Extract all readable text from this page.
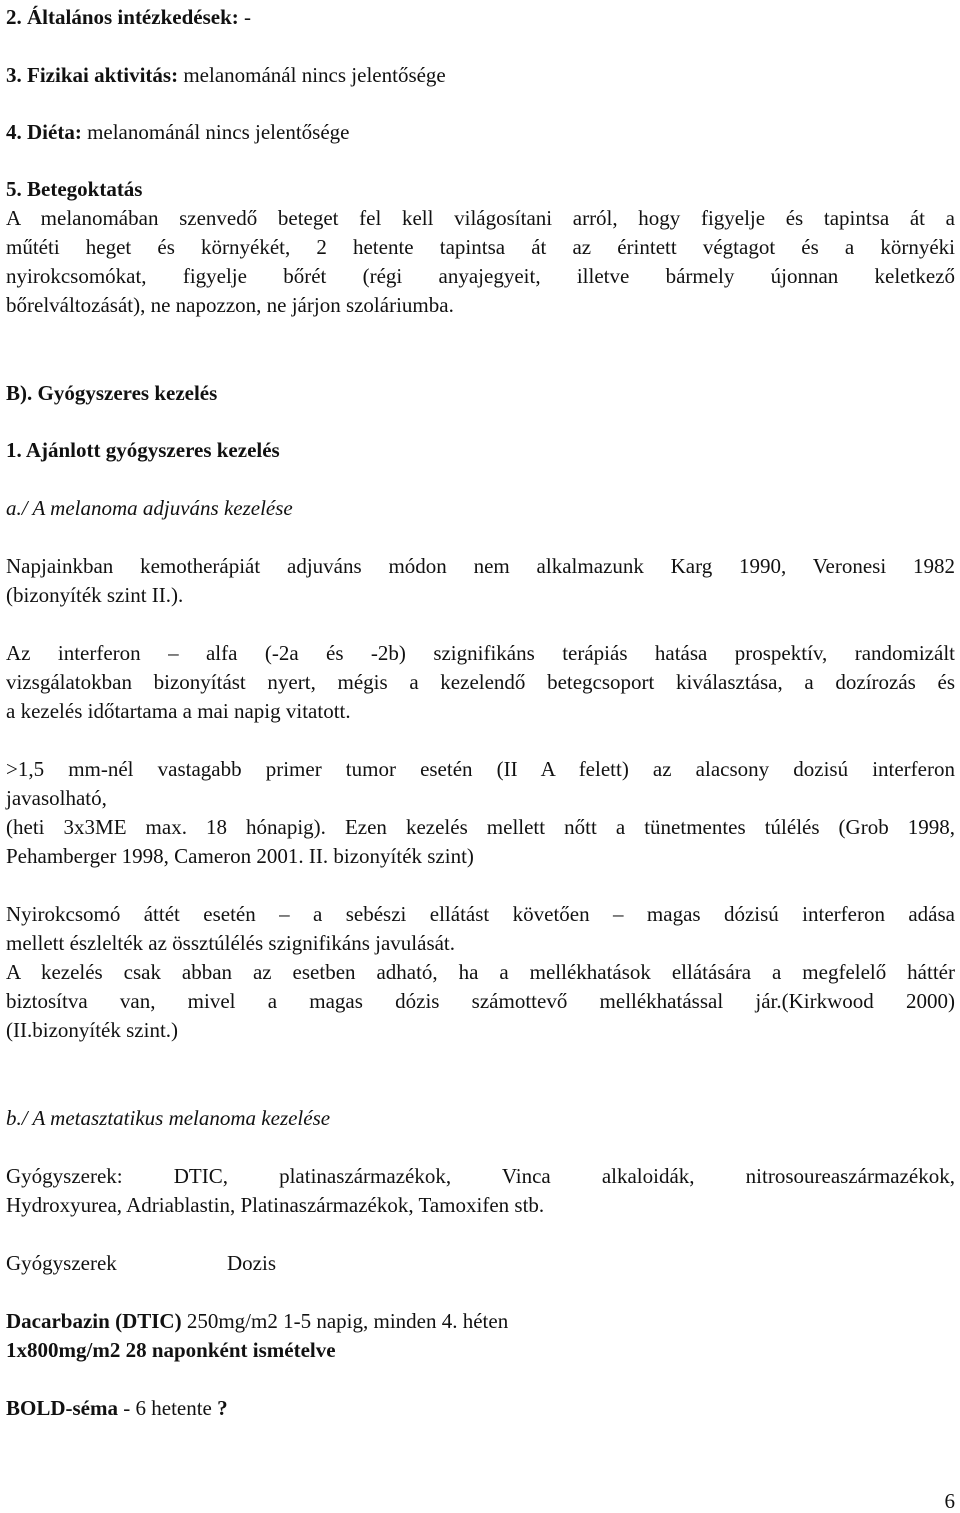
2. Általános intézkedések: -
3. Fizikai aktivitás: melanománál nincs jelentősége
4. Diéta: melanománál nincs jelentősége
5. Betegoktatás
A melanomában szenvedő beteget fel kell világosítani arról, hogy figyelje és tapintsa át a
műtéti heget és környékét, 2 hetente tapintsa át az érintett végtagot és a környéki
nyirokcsomókat, figyelje bőrét (régi anyajegyeit, illetve bármely újonnan keletkező
bőrelváltozását), ne napozzon, ne járjon szoláriumba.
B). Gyógyszeres kezelés
1. Ajánlott gyógyszeres kezelés
a./ A melanoma adjuváns kezelése
Napjainkban kemotherápiát adjuváns módon nem alkalmazunk Karg 1990, Veronesi 1982
(bizonyíték szint II.).
Az interferon – alfa (-2a és -2b) szignifikáns terápiás hatása prospektív, randomizált
vizsgálatokban bizonyítást nyert, mégis a kezelendő betegcsoport kiválasztása, a dozírozás és
a kezelés időtartama a mai napig vitatott.
>1,5 mm-nél vastagabb primer tumor esetén (II A felett) az alacsony dozisú interferon
javasolható,
(heti 3x3ME max. 18 hónapig). Ezen kezelés mellett nőtt a tünetmentes túlélés (Grob 1998,
Pehamberger 1998, Cameron 2001. II. bizonyíték szint)
Nyirokcsomó áttét esetén – a sebészi ellátást követően – magas dózisú interferon adása
mellett észlelték az össztúlélés szignifikáns javulását.
A kezelés csak abban az esetben adható, ha a mellékhatások ellátására a megfelelő háttér
biztosítva van, mivel a magas dózis számottevő mellékhatással jár.(Kirkwood 2000)
(II.bizonyíték szint.)
b./ A metasztatikus melanoma kezelése
Gyógyszerek: DTIC, platinaszármazékok, Vinca alkaloidák, nitrosoureaszármazékok,
Hydroxyurea, Adriablastin, Platinaszármazékok, Tamoxifen stb.
Gyógyszerek	Dozis
Dacarbazin (DTIC) 250mg/m2 1-5 napig, minden 4. héten
1x800mg/m2 28 naponként ismételve
BOLD-séma - 6 hetente ?
6
